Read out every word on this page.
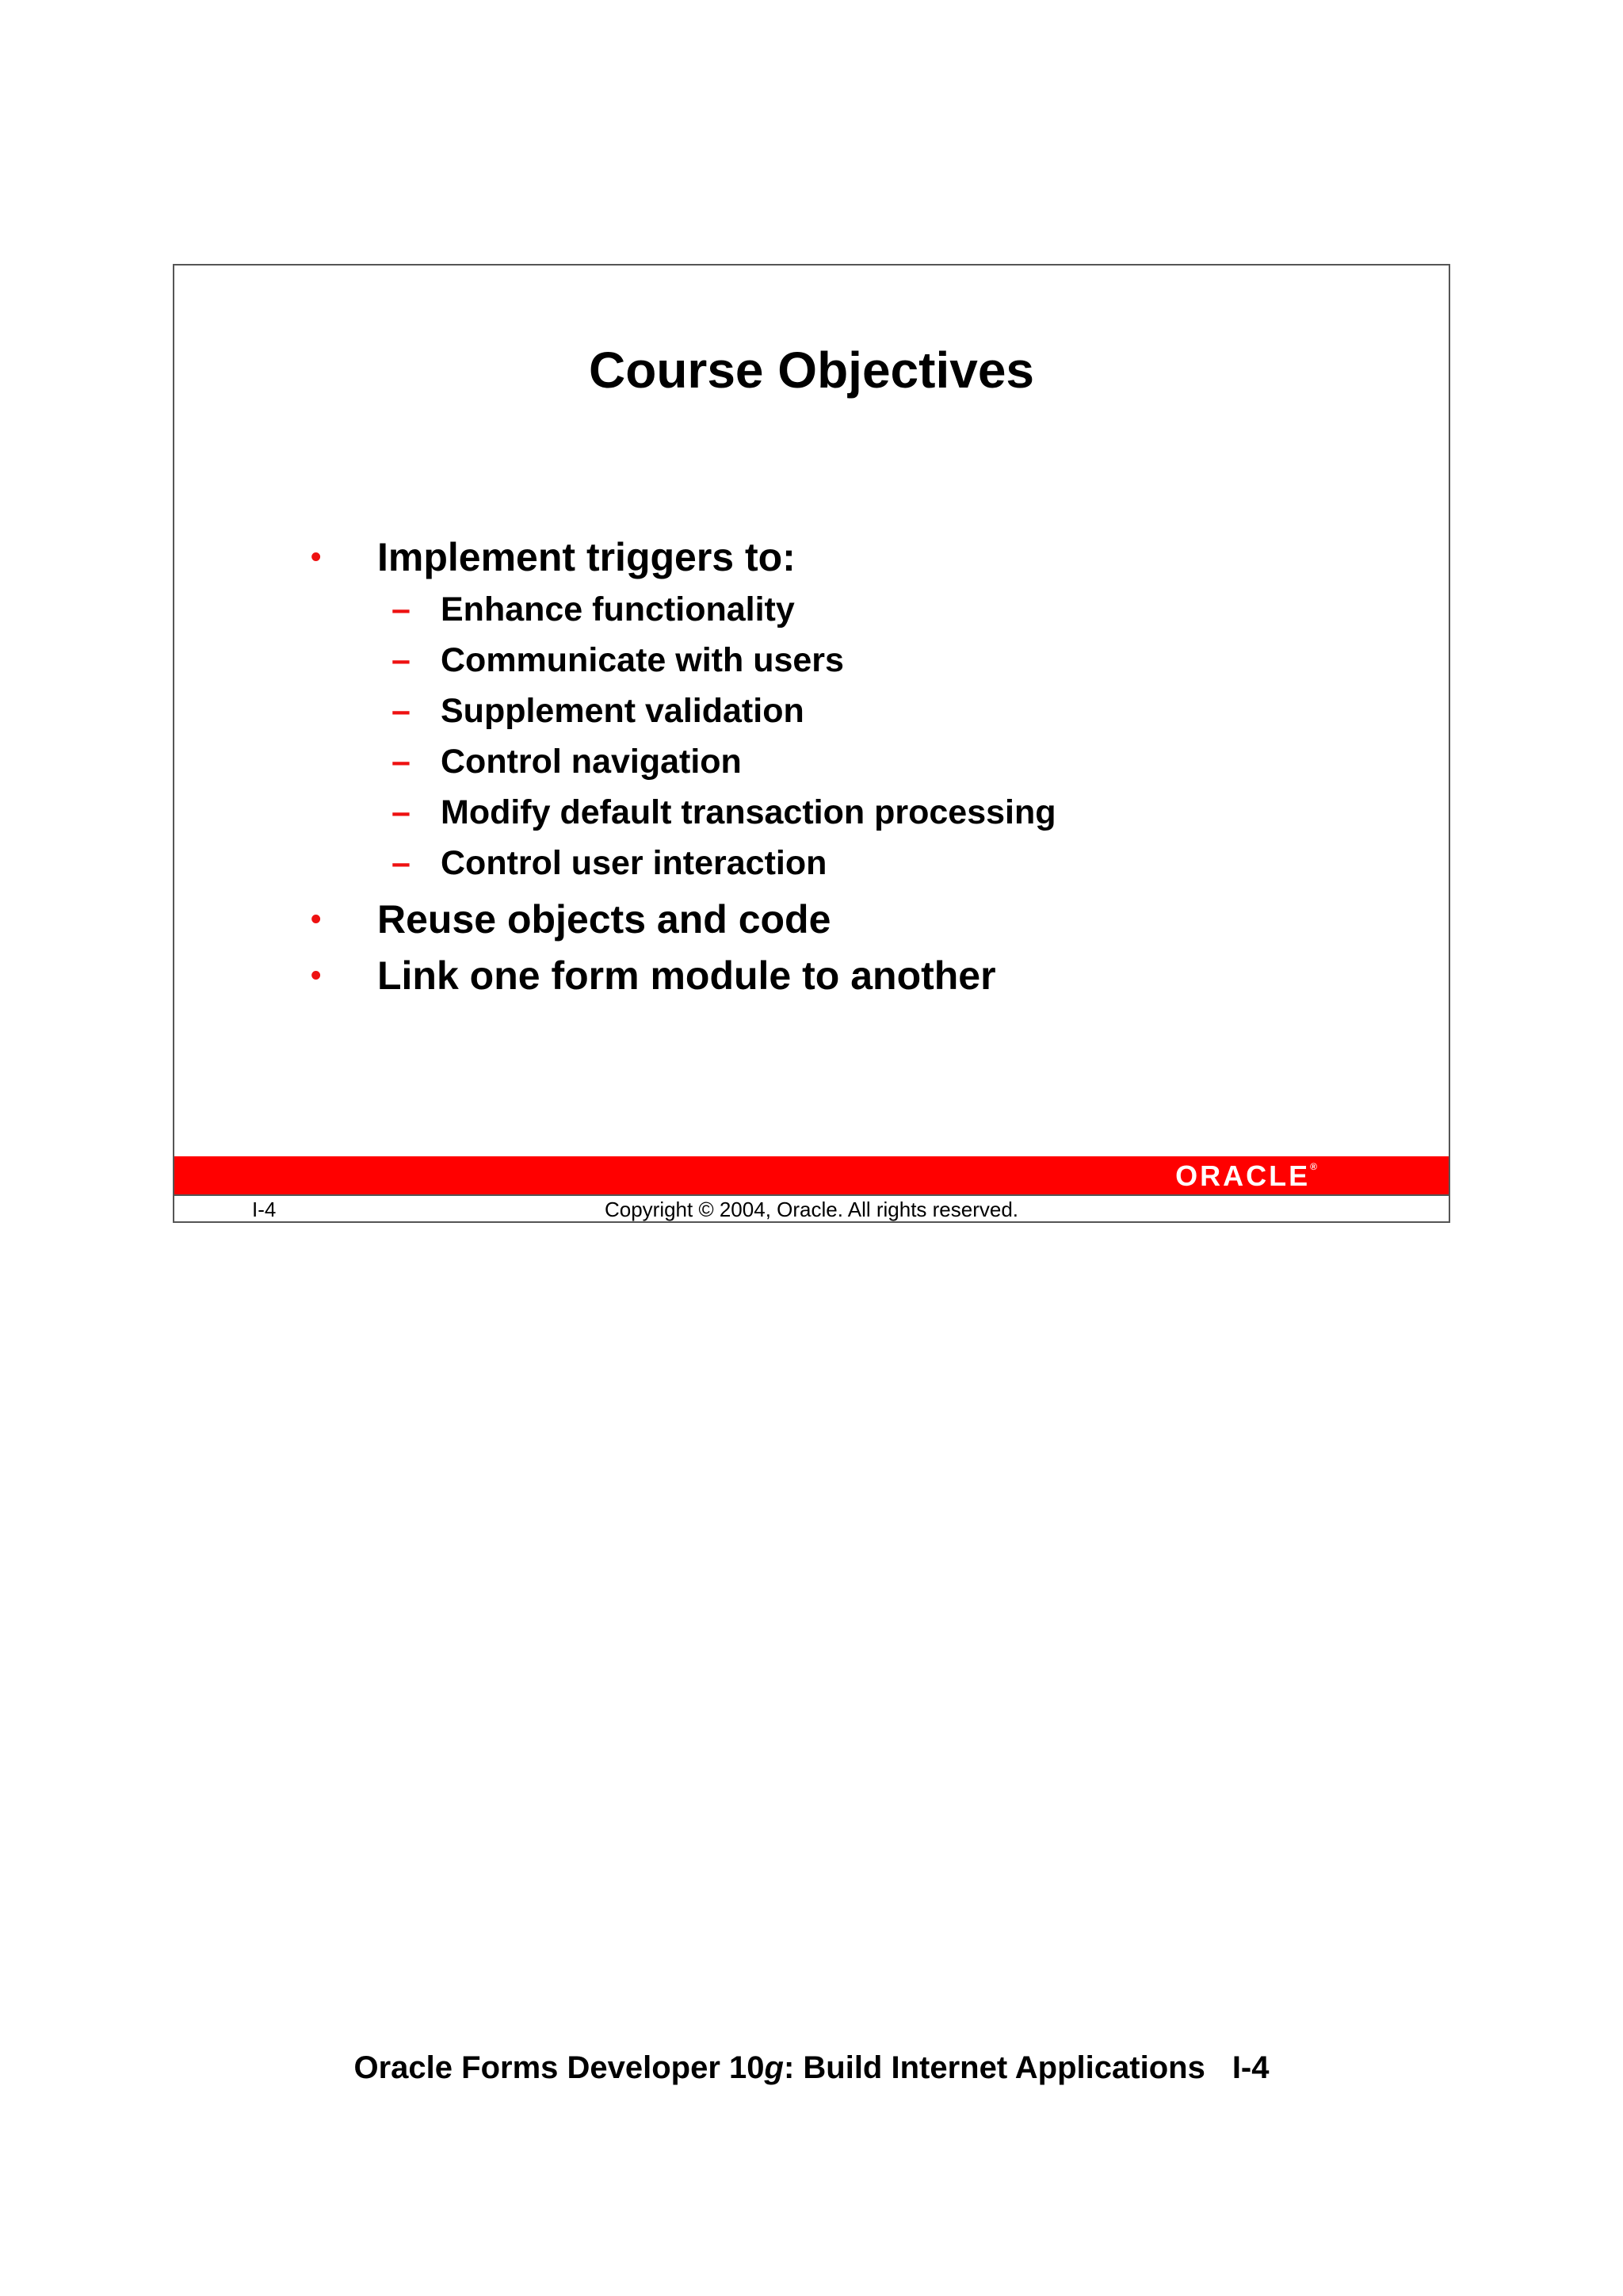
Course Objectives
• Implement triggers to:
– Enhance functionality
– Communicate with users
– Supplement validation
– Control navigation
– Modify default transaction processing
– Control user interaction
• Reuse objects and code
• Link one form module to another
ORACLE®
I-4	Copyright © 2004, Oracle. All rights reserved.
Oracle Forms Developer 10g: Build Internet Applications I-4
